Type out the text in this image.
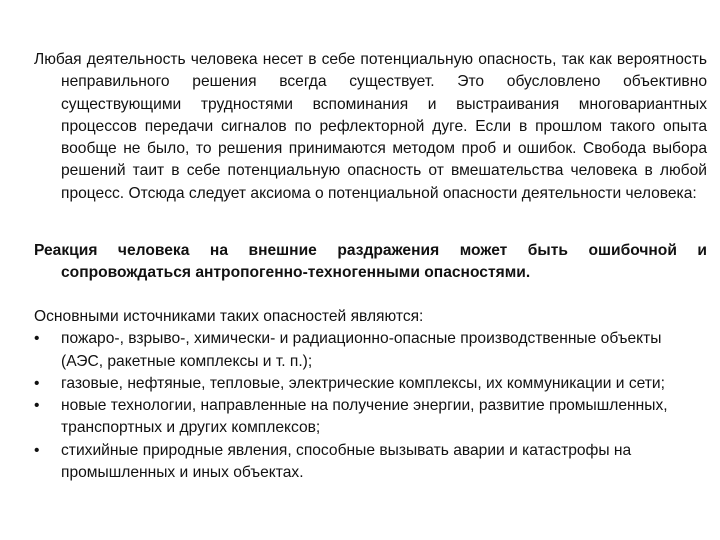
Любая деятельность человека несет в себе потенциальную опасность, так как вероятность неправильного решения всегда существует. Это обусловлено объективно существующими трудностями вспоминания и выстраивания многовариантных процессов передачи сигналов по рефлекторной дуге. Если в прошлом такого опыта вообще не было, то решения принимаются методом проб и ошибок. Свобода выбора решений таит в себе потенциальную опасность от вмешательства человека в любой процесс. Отсюда следует аксиома о потенциальной опасности деятельности человека:

Реакция человека на внешние раздражения может быть ошибочной и сопровождаться антропогенно-техногенными опасностями.

Основными источниками таких опасностей являются:

•	пожаро-, взрыво-, химически- и радиационно-опасные производственные объекты (АЭС, ракетные комплексы и т. п.);
•	газовые, нефтяные, тепловые, электрические комплексы, их коммуникации и сети;
•	новые технологии, направленные на получение энергии, развитие промышленных, транспортных и других комплексов;
•	стихийные природные явления, способные вызывать аварии и катастрофы на промышленных и иных объектах.
